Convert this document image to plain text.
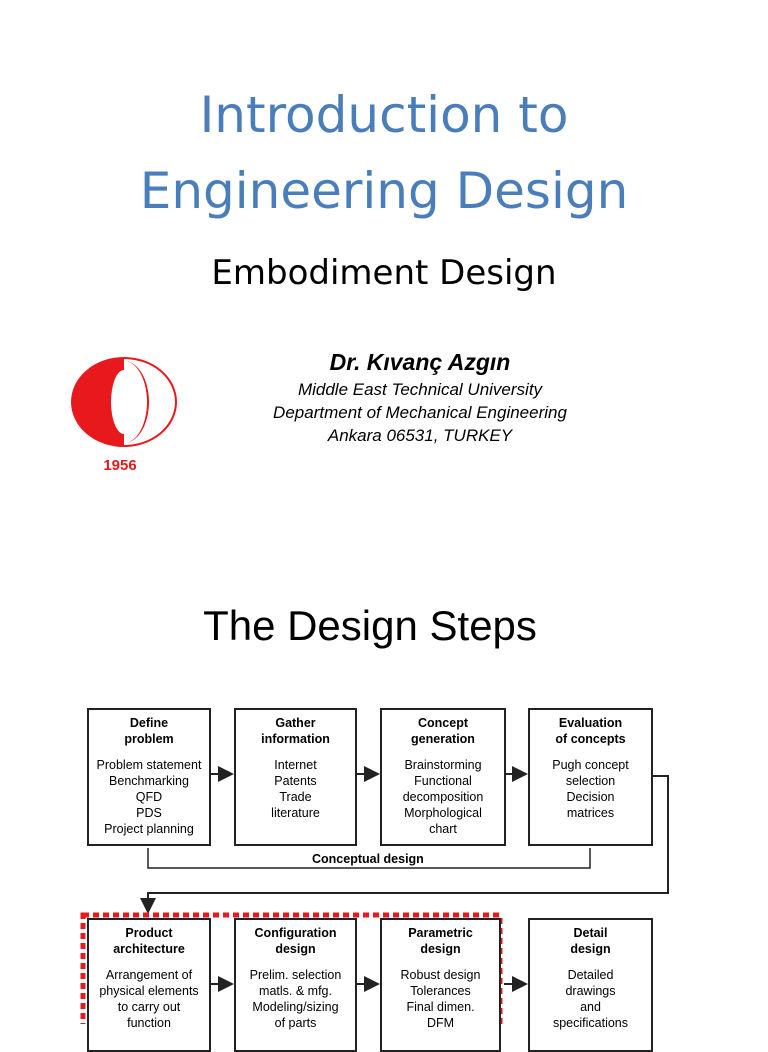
Introduction to
Engineering Design
Embodiment Design
1956
Dr. Kıvanç Azgın
Middle East Technical University
Department of Mechanical Engineering
Ankara 06531, TURKEY
The Design Steps
Define
problem
Problem statement
Benchmarking
QFD
PDS
Project planning
Gather
information
Internet
Patents
Trade
literature
Concept
generation
Brainstorming
Functional
decomposition
Morphological
chart
Evaluation
of concepts
Pugh concept
selection
Decision
matrices
Conceptual design
Product
architecture
Arrangement of
physical elements
to carry out
function
Configuration
design
Prelim. selection
matls. & mfg.
Modeling/sizing
of parts
Parametric
design
Robust design
Tolerances
Final dimen.
DFM
Detail
design
Detailed
drawings
and
specifications
